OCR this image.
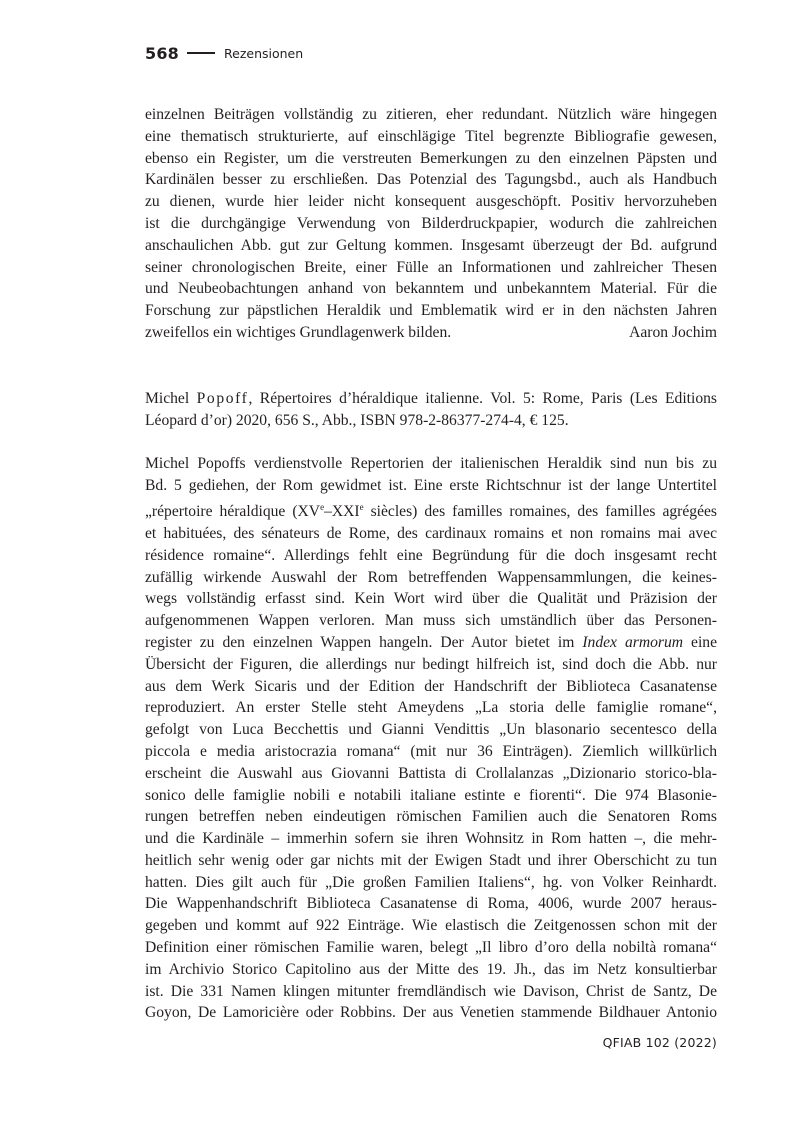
568	Rezensionen

einzelnen Beiträgen vollständig zu zitieren, eher redundant. Nützlich wäre hingegen
eine thematisch strukturierte, auf einschlägige Titel begrenzte Bibliografie gewesen,
ebenso ein Register, um die verstreuten Bemerkungen zu den einzelnen Päpsten und
Kardinälen besser zu erschließen. Das Potenzial des Tagungsbd., auch als Handbuch
zu dienen, wurde hier leider nicht konsequent ausgeschöpft. Positiv hervorzuheben
ist die durchgängige Verwendung von Bilderdruckpapier, wodurch die zahlreichen
anschaulichen Abb. gut zur Geltung kommen. Insgesamt überzeugt der Bd. aufgrund
seiner chronologischen Breite, einer Fülle an Informationen und zahlreicher Thesen
und Neubeobachtungen anhand von bekanntem und unbekanntem Material. Für die
Forschung zur päpstlichen Heraldik und Emblematik wird er in den nächsten Jahren
zweifellos ein wichtiges Grundlagenwerk bilden.	Aaron Jochim

Michel Popoff, Répertoires d’héraldique italienne. Vol. 5: Rome, Paris (Les Editions
Léopard d’or) 2020, 656 S., Abb., ISBN 978-2-86377-274-4, € 125.

Michel Popoffs verdienstvolle Repertorien der italienischen Heraldik sind nun bis zu
Bd. 5 gediehen, der Rom gewidmet ist. Eine erste Richtschnur ist der lange Untertitel
„répertoire héraldique (XVe–XXIe siècles) des familles romaines, des familles agrégées
et habituées, des sénateurs de Rome, des cardinaux romains et non romains mai avec
résidence romaine“. Allerdings fehlt eine Begründung für die doch insgesamt recht
zufällig wirkende Auswahl der Rom betreffenden Wappensammlungen, die keines-
wegs vollständig erfasst sind. Kein Wort wird über die Qualität und Präzision der
aufgenommenen Wappen verloren. Man muss sich umständlich über das Personen-
register zu den einzelnen Wappen hangeln. Der Autor bietet im Index armorum eine
Übersicht der Figuren, die allerdings nur bedingt hilfreich ist, sind doch die Abb. nur
aus dem Werk Sicaris und der Edition der Handschrift der Biblioteca Casanatense
reproduziert. An erster Stelle steht Ameydens „La storia delle famiglie romane“,
gefolgt von Luca Becchettis und Gianni Vendittis „Un blasonario secentesco della
piccola e media aristocrazia romana“ (mit nur 36 Einträgen). Ziemlich willkürlich
erscheint die Auswahl aus Giovanni Battista di Crollalanzas „Dizionario storico-bla-
sonico delle famiglie nobili e notabili italiane estinte e fiorenti“. Die 974 Blasonie-
rungen betreffen neben eindeutigen römischen Familien auch die Senatoren Roms
und die Kardinäle – immerhin sofern sie ihren Wohnsitz in Rom hatten –, die mehr-
heitlich sehr wenig oder gar nichts mit der Ewigen Stadt und ihrer Oberschicht zu tun
hatten. Dies gilt auch für „Die großen Familien Italiens“, hg. von Volker Reinhardt.
Die Wappenhandschrift Biblioteca Casanatense di Roma, 4006, wurde 2007 heraus-
gegeben und kommt auf 922 Einträge. Wie elastisch die Zeitgenossen schon mit der
Definition einer römischen Familie waren, belegt „Il libro d’oro della nobiltà romana“
im Archivio Storico Capitolino aus der Mitte des 19. Jh., das im Netz konsultierbar
ist. Die 331 Namen klingen mitunter fremdländisch wie Davison, Christ de Santz, De
Goyon, De Lamoricière oder Robbins. Der aus Venetien stammende Bildhauer Antonio

QFIAB 102 (2022)
